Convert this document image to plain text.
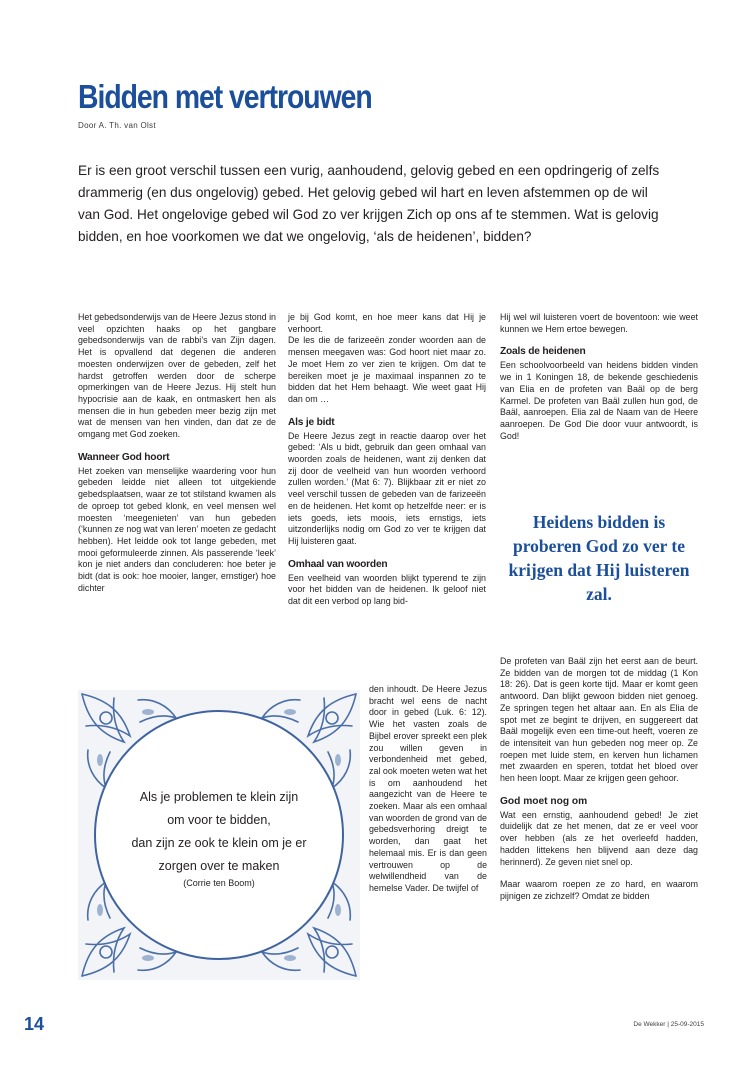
Bidden met vertrouwen
Door A. Th. van Olst
Er is een groot verschil tussen een vurig, aanhoudend, gelovig gebed en een opdringerig of zelfs drammerig (en dus ongelovig) gebed. Het gelovig gebed wil hart en leven afstemmen op de wil van God. Het ongelovige gebed wil God zo ver krijgen Zich op ons af te stemmen. Wat is gelovig bidden, en hoe voorkomen we dat we ongelovig, ‘als de heidenen’, bidden?

Het gebedsonderwijs van de Heere Jezus stond in veel opzichten haaks op het gangbare gebedsonderwijs van de rabbi’s van Zijn dagen. Het is opvallend dat degenen die anderen moesten onderwijzen over de gebeden, zelf het hardst getroffen werden door de scherpe opmerkingen van de Heere Jezus. Hij stelt hun hypocrisie aan de kaak, en ontmaskert hen als mensen die in hun gebeden meer bezig zijn met wat de mensen van hen vinden, dan dat ze de omgang met God zoeken.

Wanneer God hoort

Het zoeken van menselijke waardering voor hun gebeden leidde niet alleen tot uitgekiende gebedsplaatsen, waar ze tot stilstand kwamen als de oproep tot gebed klonk, en veel mensen wel moesten ‘meegenieten’ van hun gebeden (‘kunnen ze nog wat van leren’ moeten ze gedacht hebben). Het leidde ook tot lange gebeden, met mooi geformuleerde zinnen. Als passerende ‘leek’ kon je niet anders dan concluderen: hoe beter je bidt (dat is ook: hoe mooier, langer, ernstiger) hoe dichter

je bij God komt, en hoe meer kans dat Hij je verhoort.

De les die de farizeeën zonder woorden aan de mensen meegaven was: God hoort niet maar zo. Je moet Hem zo ver zien te krijgen. Om dat te bereiken moet je je maximaal inspannen zo te bidden dat het Hem behaagt. Wie weet gaat Hij dan om …

Als je bidt

De Heere Jezus zegt in reactie daarop over het gebed: ‘Als u bidt, gebruik dan geen omhaal van woorden zoals de heidenen, want zij denken dat zij door de veelheid van hun woorden verhoord zullen worden.’ (Mat 6: 7). Blijkbaar zit er niet zo veel verschil tussen de gebeden van de farizeeën en de heidenen. Het komt op hetzelfde neer: er is iets goeds, iets moois, iets ernstigs, iets uitzonderlijks nodig om God zo ver te krijgen dat Hij luisteren gaat.

Omhaal van woorden

Een veelheid van woorden blijkt typerend te zijn voor het bidden van de heidenen. Ik geloof niet dat dit een verbod op lang bid-

den inhoudt. De Heere Jezus bracht wel eens de nacht door in gebed (Luk. 6: 12). Wie het vasten zoals de Bijbel erover spreekt een plek zou willen geven in verbondenheid met gebed, zal ook moeten weten wat het is om aanhoudend het aangezicht van de Heere te zoeken. Maar als een omhaal van woorden de grond van de gebedsverhoring dreigt te worden, dan gaat het helemaal mis. Er is dan geen vertrouwen op de welwillendheid van de hemelse Vader. De twijfel of

Hij wel wil luisteren voert de boventoon: wie weet kunnen we Hem ertoe bewegen.

Zoals de heidenen

Een schoolvoorbeeld van heidens bidden vinden we in 1 Koningen 18, de bekende geschiedenis van Elia en de profeten van Baäl op de berg Karmel. De profeten van Baäl zullen hun god, de Baäl, aanroepen. Elia zal de Naam van de Heere aanroepen. De God Die door vuur antwoordt, is God!

Heidens bidden is proberen God zo ver te krijgen dat Hij luisteren zal.

De profeten van Baäl zijn het eerst aan de beurt. Ze bidden van de morgen tot de middag (1 Kon 18: 26). Dat is geen korte tijd. Maar er komt geen antwoord. Dan blijkt gewoon bidden niet genoeg. Ze springen tegen het altaar aan. En als Elia de spot met ze begint te drijven, en suggereert dat Baäl mogelijk even een time-out heeft, voeren ze de intensiteit van hun gebeden nog meer op. Ze roepen met luide stem, en kerven hun lichamen met zwaarden en speren, totdat het bloed over hen heen loopt. Maar ze krijgen geen gehoor.

God moet nog om

Wat een ernstig, aanhoudend gebed! Je ziet duidelijk dat ze het menen, dat ze er veel voor over hebben (als ze het overleefd hadden, hadden littekens hen blijvend aan deze dag herinnerd). Ze geven niet snel op.

Maar waarom roepen ze zo hard, en waarom pijnigen ze zichzelf? Omdat ze bidden

Als je problemen te klein zijn
om voor te bidden,
dan zijn ze ook te klein om je er
zorgen over te maken
(Corrie ten Boom)
14	De Wekker | 25-09-2015
